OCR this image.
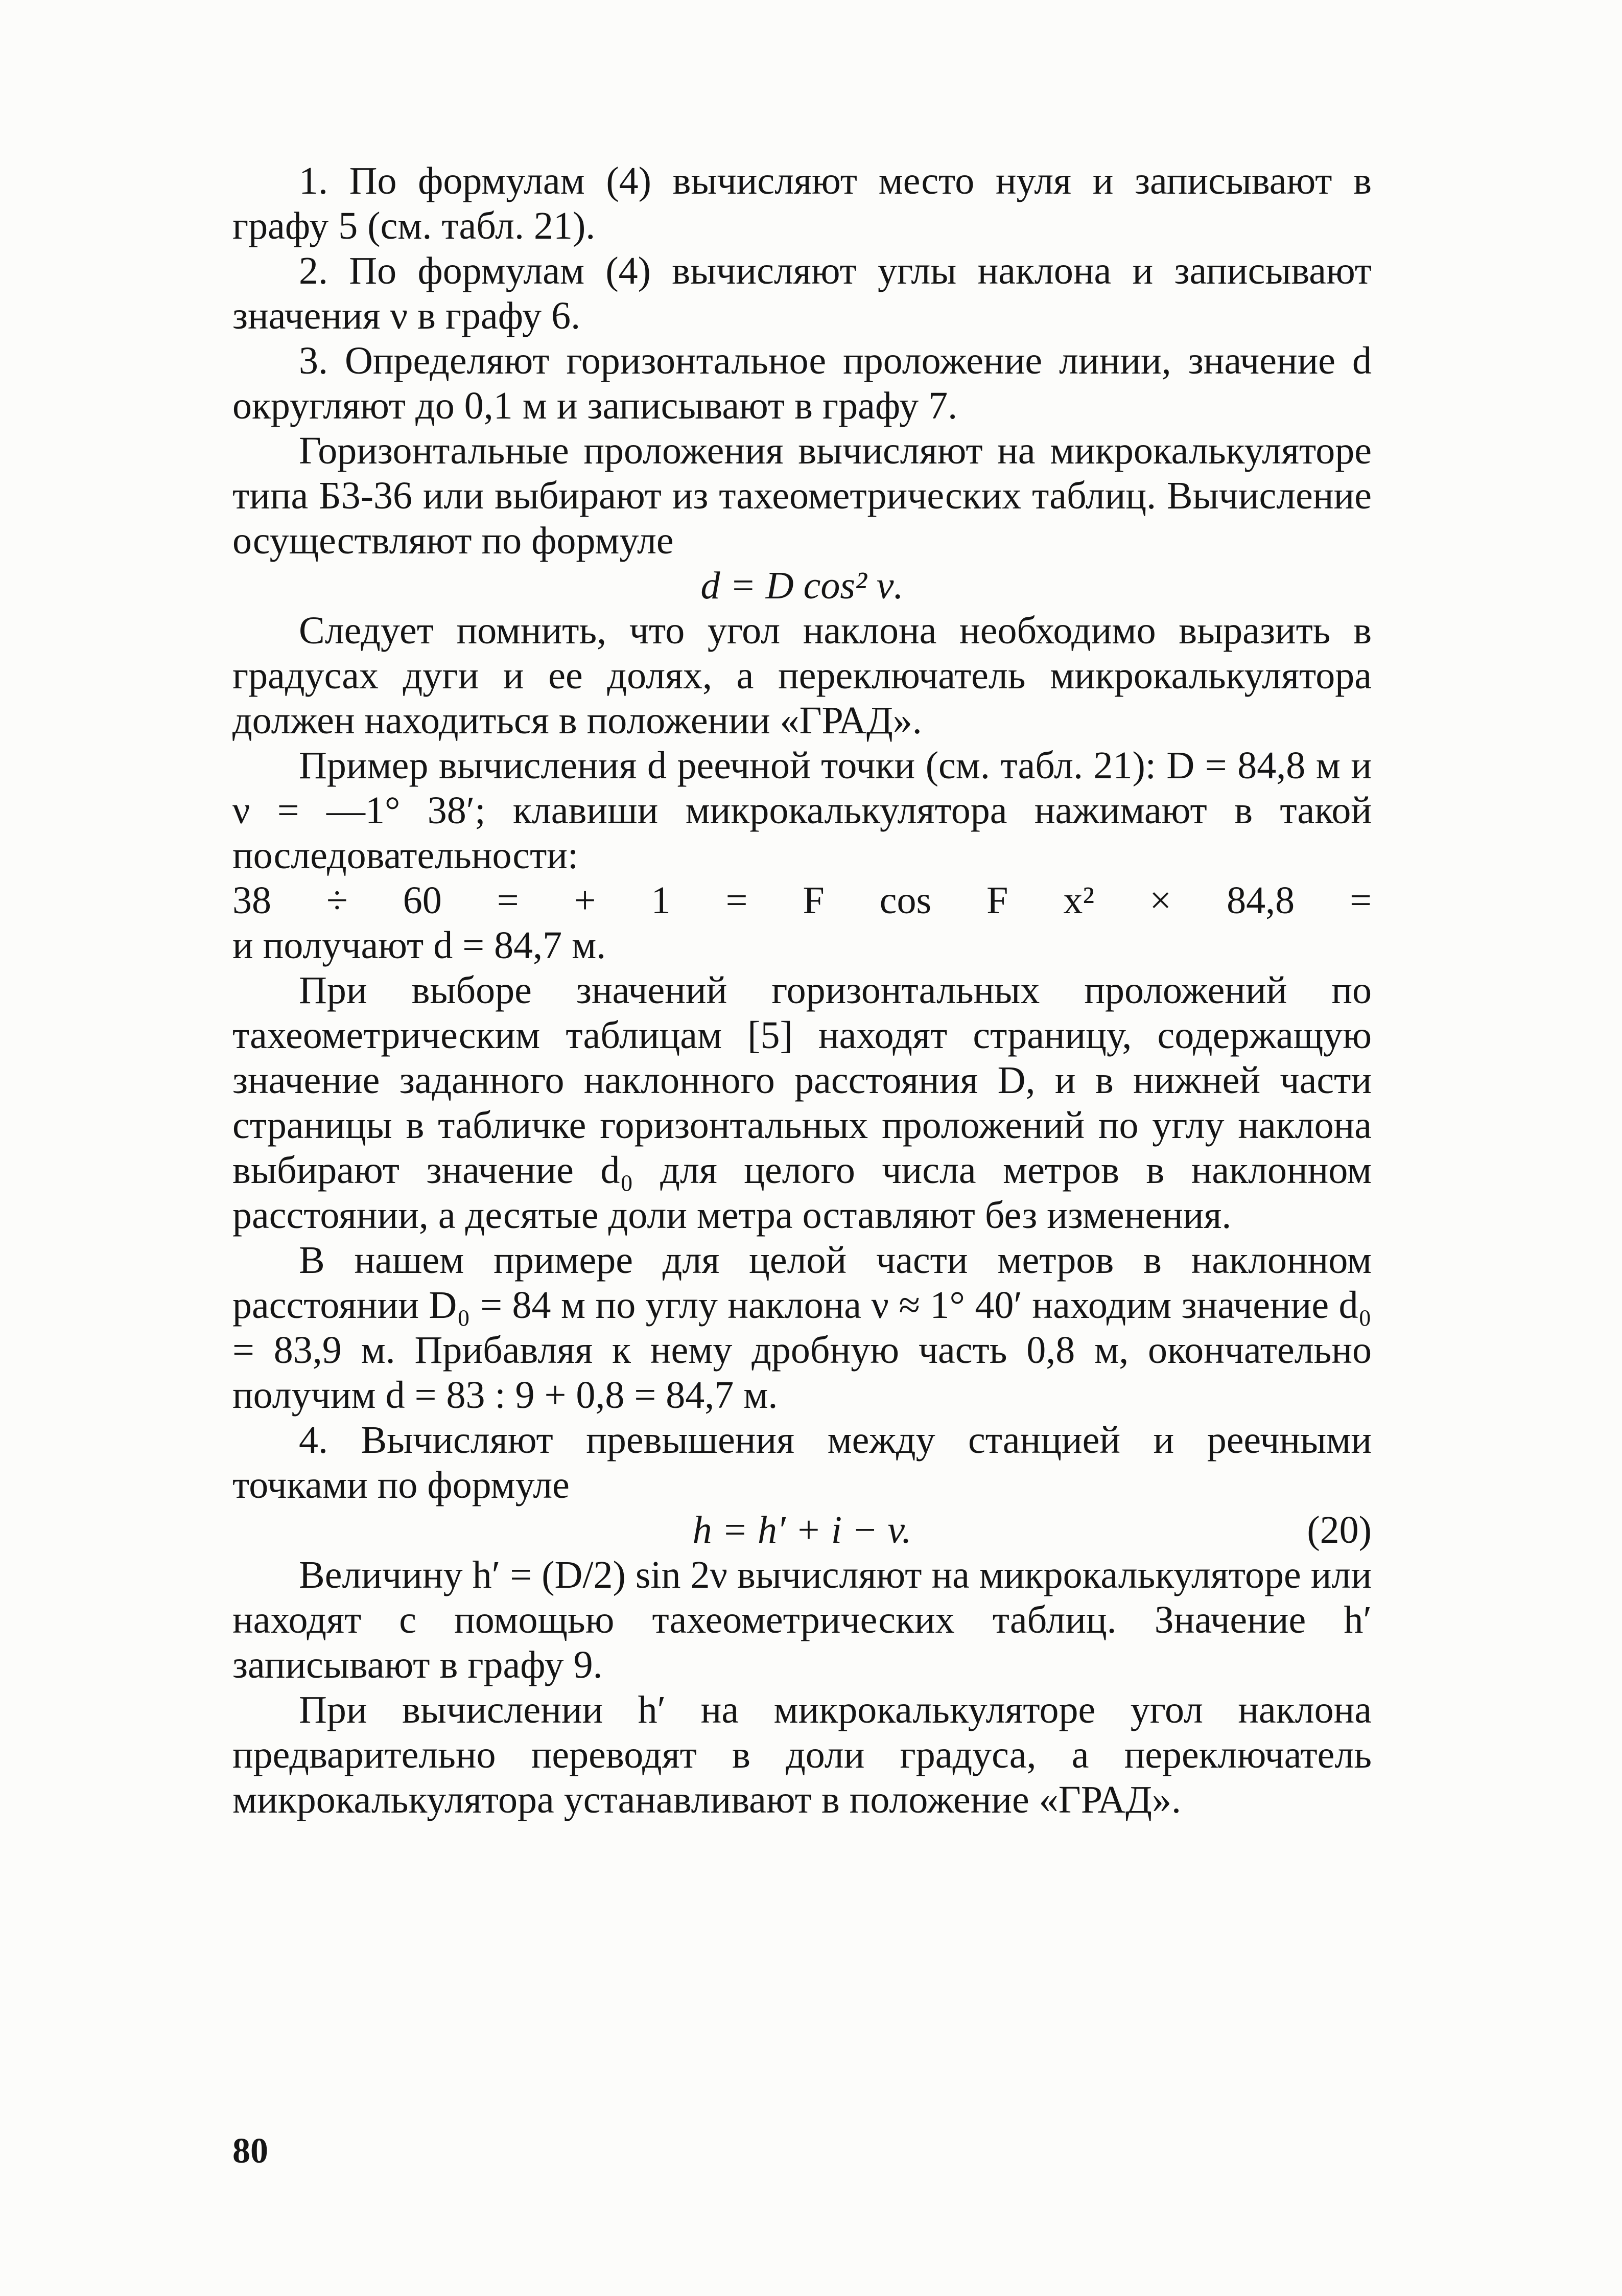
1. По формулам (4) вычисляют место нуля и записывают в графу 5 (см. табл. 21).

2. По формулам (4) вычисляют углы наклона и записывают значения ν в графу 6.

3. Определяют горизонтальное проложение линии, значение d округляют до 0,1 м и записывают в графу 7.

Горизонтальные проложения вычисляют на микрокалькуляторе типа Б3-36 или выбирают из тахеометрических таблиц. Вычисление осуществляют по формуле

d = D cos² ν.

Следует помнить, что угол наклона необходимо выразить в градусах дуги и ее долях, а переключатель микрокалькулятора должен находиться в положении «ГРАД».

Пример вычисления d реечной точки (см. табл. 21): D = 84,8 м и ν = —1° 38′; клавиши микрокалькулятора нажимают в такой последовательности:

38 ÷ 60 = + 1 = F cos F x² × 84,8 =

и получают d = 84,7 м.

При выборе значений горизонтальных проложений по тахеометрическим таблицам [5] находят страницу, содержащую значение заданного наклонного расстояния D, и в нижней части страницы в табличке горизонтальных проложений по углу наклона выбирают значение d₀ для целого числа метров в наклонном расстоянии, а десятые доли метра оставляют без изменения.

В нашем примере для целой части метров в наклонном расстоянии D₀ = 84 м по углу наклона ν ≈ 1° 40′ находим значение d₀ = 83,9 м. Прибавляя к нему дробную часть 0,8 м, окончательно получим d = 83 : 9 + 0,8 = 84,7 м.

4. Вычисляют превышения между станцией и реечными точками по формуле

h = h′ + i − v.	(20)

Величину h′ = (D/2) sin 2ν вычисляют на микрокалькуляторе или находят с помощью тахеометрических таблиц. Значение h′ записывают в графу 9.

При вычислении h′ на микрокалькуляторе угол наклона предварительно переводят в доли градуса, а переключатель микрокалькулятора устанавливают в положение «ГРАД».

80
